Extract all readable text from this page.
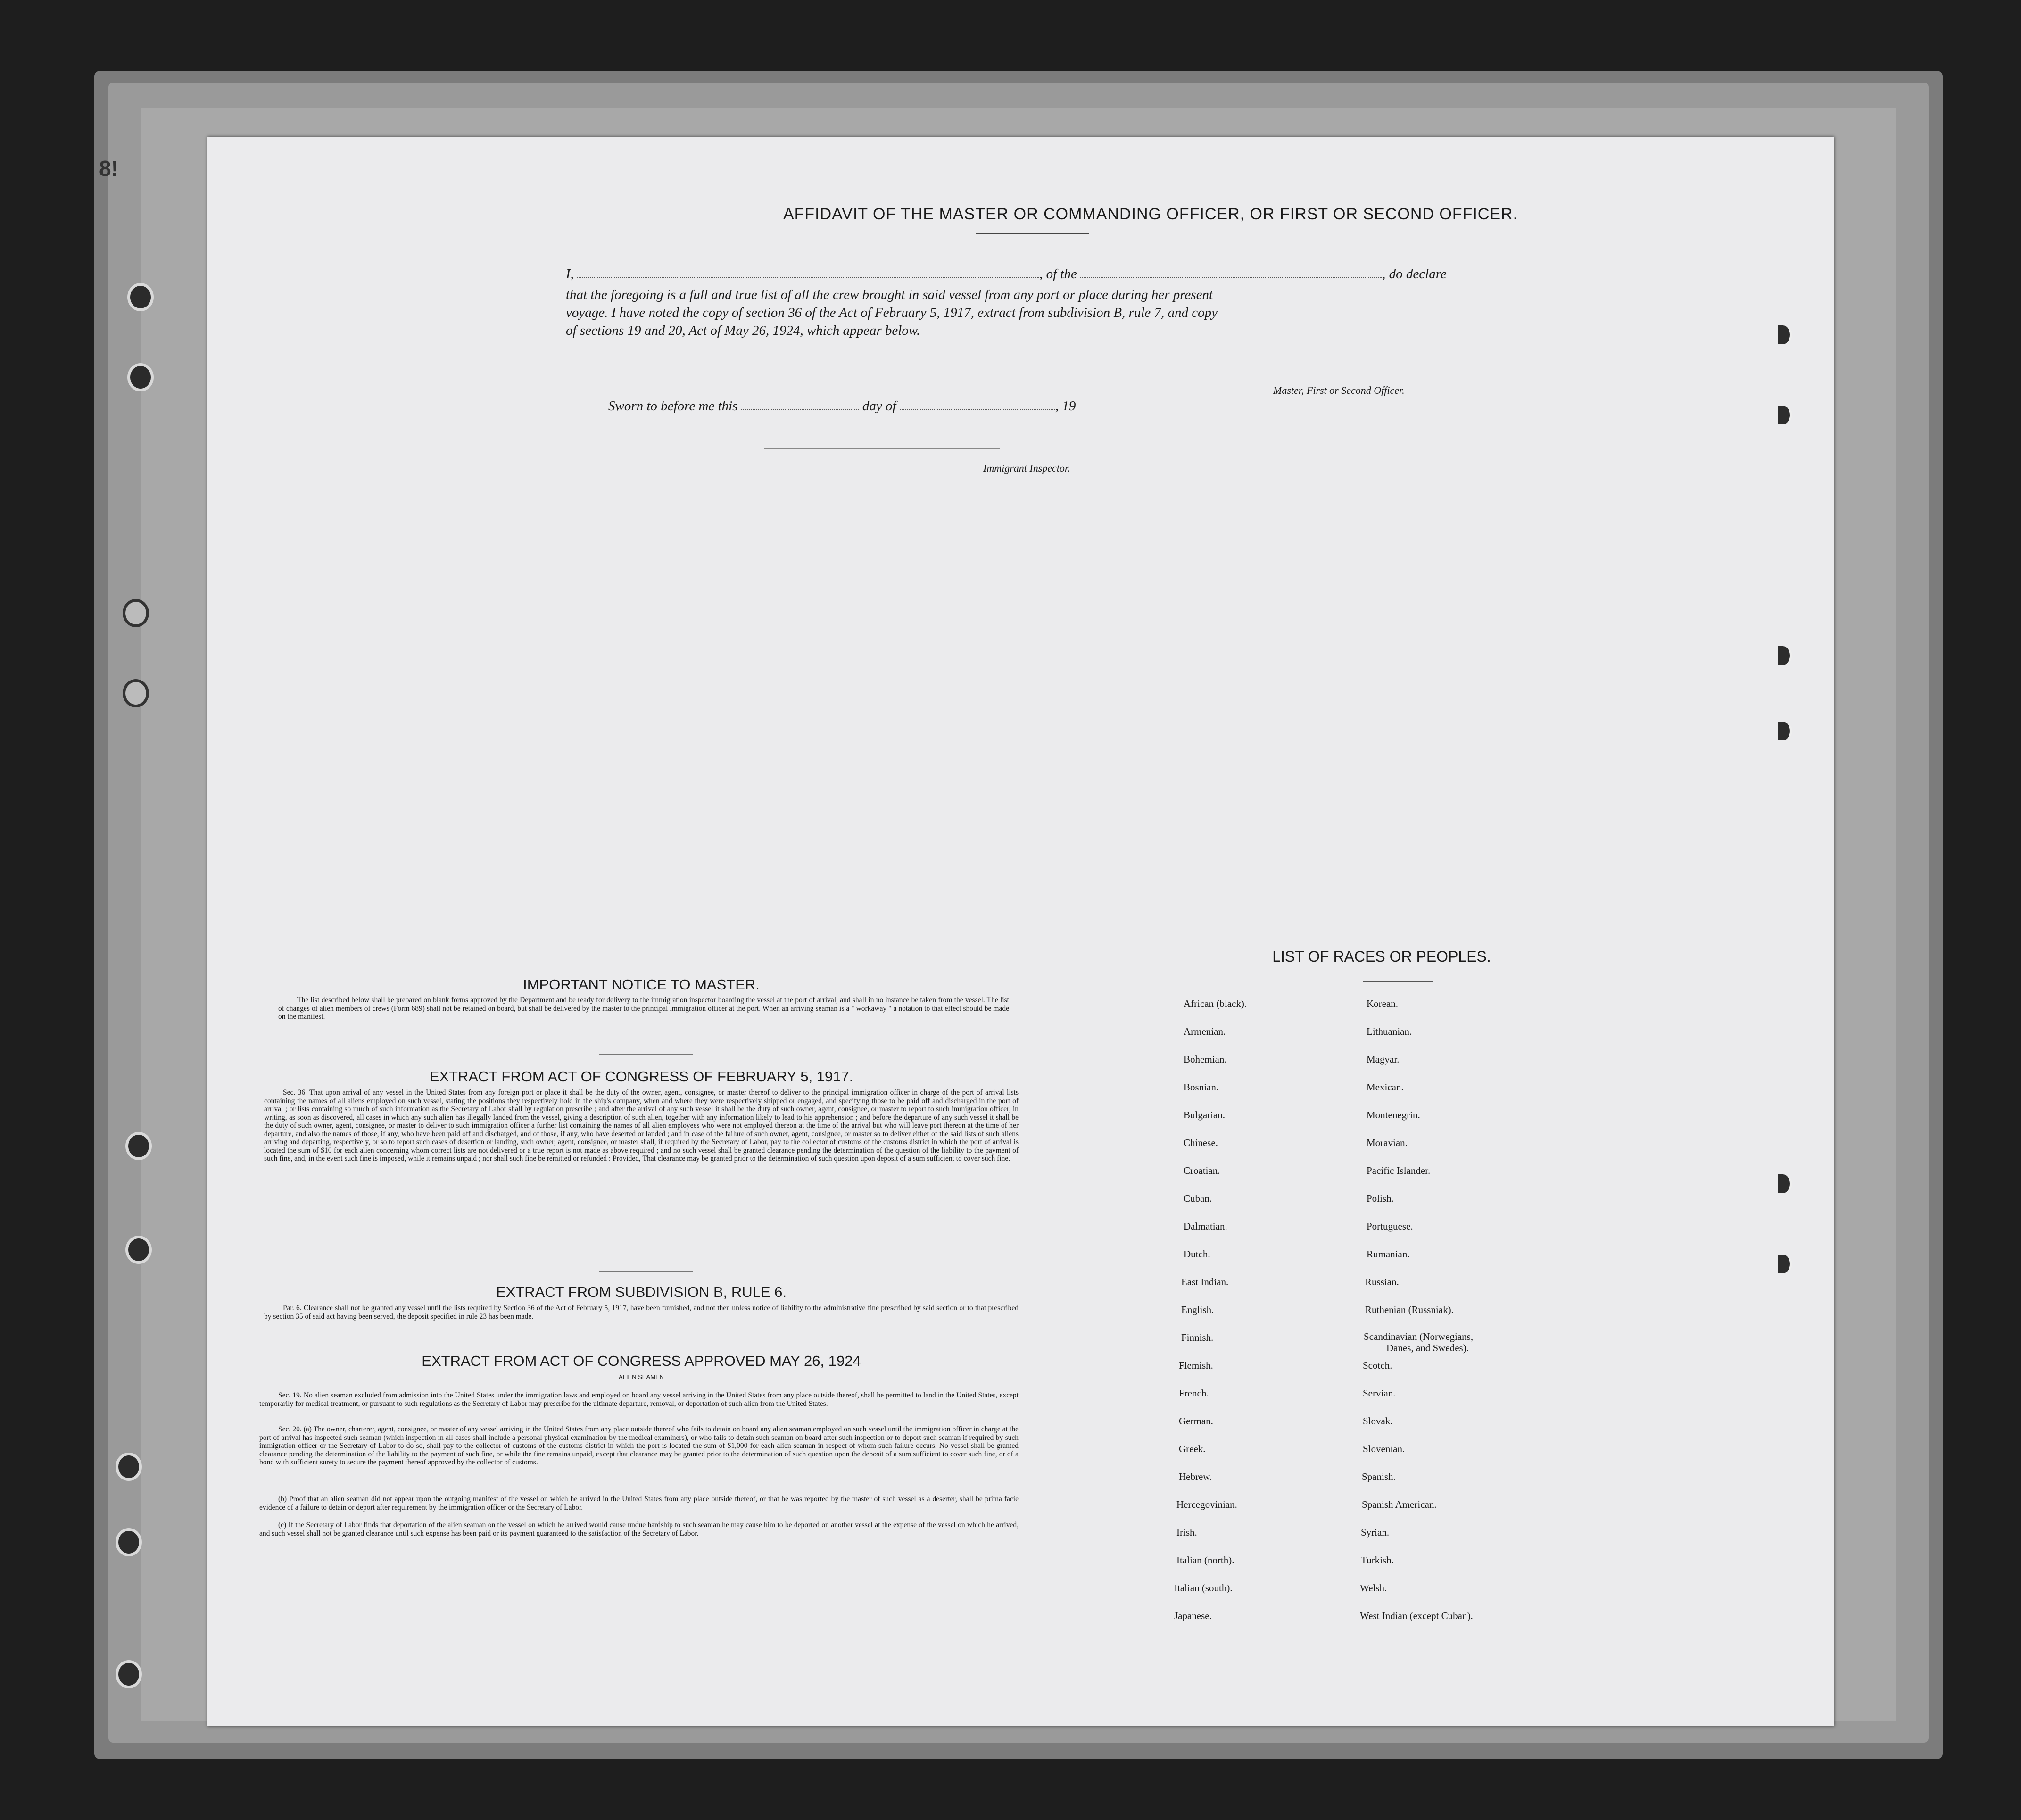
8!
AFFIDAVIT OF THE MASTER OR COMMANDING OFFICER, OR FIRST OR SECOND OFFICER.
I,	, of the	, do declare
that the foregoing is a full and true list of all the crew brought in said vessel from any port or place during her present
voyage. I have noted the copy of section 36 of the Act of February 5, 1917, extract from subdivision B, rule 7, and copy
of sections 19 and 20, Act of May 26, 1924, which appear below.
Master, First or Second Officer.
Sworn to before me this	day of	, 19
Immigrant Inspector.
IMPORTANT NOTICE TO MASTER.
The list described below shall be prepared on blank forms approved by the Department and be ready for delivery to the immigration inspector boarding the vessel at the port of arrival, and shall in no instance be taken from the vessel. The list of changes of alien members of crews (Form 689) shall not be retained on board, but shall be delivered by the master to the principal immigration officer at the port. When an arriving seaman is a " workaway " a notation to that effect should be made on the manifest.
EXTRACT FROM ACT OF CONGRESS OF FEBRUARY 5, 1917.
Sec. 36. That upon arrival of any vessel in the United States from any foreign port or place it shall be the duty of the owner, agent, consignee, or master thereof to deliver to the principal immigration officer in charge of the port of arrival lists containing the names of all aliens employed on such vessel, stating the positions they respectively hold in the ship's company, when and where they were respectively shipped or engaged, and specifying those to be paid off and discharged in the port of arrival ; or lists containing so much of such information as the Secretary of Labor shall by regulation prescribe ; and after the arrival of any such vessel it shall be the duty of such owner, agent, consignee, or master to report to such immigration officer, in writing, as soon as discovered, all cases in which any such alien has illegally landed from the vessel, giving a description of such alien, together with any information likely to lead to his apprehension ; and before the departure of any such vessel it shall be the duty of such owner, agent, consignee, or master to deliver to such immigration officer a further list containing the names of all alien employees who were not employed thereon at the time of the arrival but who will leave port thereon at the time of her departure, and also the names of those, if any, who have been paid off and discharged, and of those, if any, who have deserted or landed ; and in case of the failure of such owner, agent, consignee, or master so to deliver either of the said lists of such aliens arriving and departing, respectively, or so to report such cases of desertion or landing, such owner, agent, consignee, or master shall, if required by the Secretary of Labor, pay to the collector of customs of the customs district in which the port of arrival is located the sum of $10 for each alien concerning whom correct lists are not delivered or a true report is not made as above required ; and no such vessel shall be granted clearance pending the determination of the question of the liability to the payment of such fine, and, in the event such fine is imposed, while it remains unpaid ; nor shall such fine be remitted or refunded : Provided, That clearance may be granted prior to the determination of such question upon deposit of a sum sufficient to cover such fine.
EXTRACT FROM SUBDIVISION B, RULE 6.
Par. 6. Clearance shall not be granted any vessel until the lists required by Section 36 of the Act of February 5, 1917, have been furnished, and not then unless notice of liability to the administrative fine prescribed by said section or to that prescribed by section 35 of said act having been served, the deposit specified in rule 23 has been made.
EXTRACT FROM ACT OF CONGRESS APPROVED MAY 26, 1924
ALIEN SEAMEN
Sec. 19. No alien seaman excluded from admission into the United States under the immigration laws and employed on board any vessel arriving in the United States from any place outside thereof, shall be permitted to land in the United States, except temporarily for medical treatment, or pursuant to such regulations as the Secretary of Labor may prescribe for the ultimate departure, removal, or deportation of such alien from the United States.
Sec. 20. (a) The owner, charterer, agent, consignee, or master of any vessel arriving in the United States from any place outside thereof who fails to detain on board any alien seaman employed on such vessel until the immigration officer in charge at the port of arrival has inspected such seaman (which inspection in all cases shall include a personal physical examination by the medical examiners), or who fails to detain such seaman on board after such inspection or to deport such seaman if required by such immigration officer or the Secretary of Labor to do so, shall pay to the collector of customs of the customs district in which the port is located the sum of $1,000 for each alien seaman in respect of whom such failure occurs. No vessel shall be granted clearance pending the determination of the liability to the payment of such fine, or while the fine remains unpaid, except that clearance may be granted prior to the determination of such question upon the deposit of a sum sufficient to cover such fine, or of a bond with sufficient surety to secure the payment thereof approved by the collector of customs.
(b) Proof that an alien seaman did not appear upon the outgoing manifest of the vessel on which he arrived in the United States from any place outside thereof, or that he was reported by the master of such vessel as a deserter, shall be prima facie evidence of a failure to detain or deport after requirement by the immigration officer or the Secretary of Labor.
(c) If the Secretary of Labor finds that deportation of the alien seaman on the vessel on which he arrived would cause undue hardship to such seaman he may cause him to be deported on another vessel at the expense of the vessel on which he arrived, and such vessel shall not be granted clearance until such expense has been paid or its payment guaranteed to the satisfaction of the Secretary of Labor.
LIST OF RACES OR PEOPLES.
African (black).
Armenian.
Bohemian.
Bosnian.
Bulgarian.
Chinese.
Croatian.
Cuban.
Dalmatian.
Dutch.
East Indian.
English.
Finnish.
Flemish.
French.
German.
Greek.
Hebrew.
Hercegovinian.
Irish.
Italian (north).
Italian (south).
Japanese.
Korean.
Lithuanian.
Magyar.
Mexican.
Montenegrin.
Moravian.
Pacific Islander.
Polish.
Portuguese.
Rumanian.
Russian.
Ruthenian (Russniak).
Scandinavian (Norwegians,
Danes, and Swedes).
Scotch.
Servian.
Slovak.
Slovenian.
Spanish.
Spanish American.
Syrian.
Turkish.
Welsh.
West Indian (except Cuban).
